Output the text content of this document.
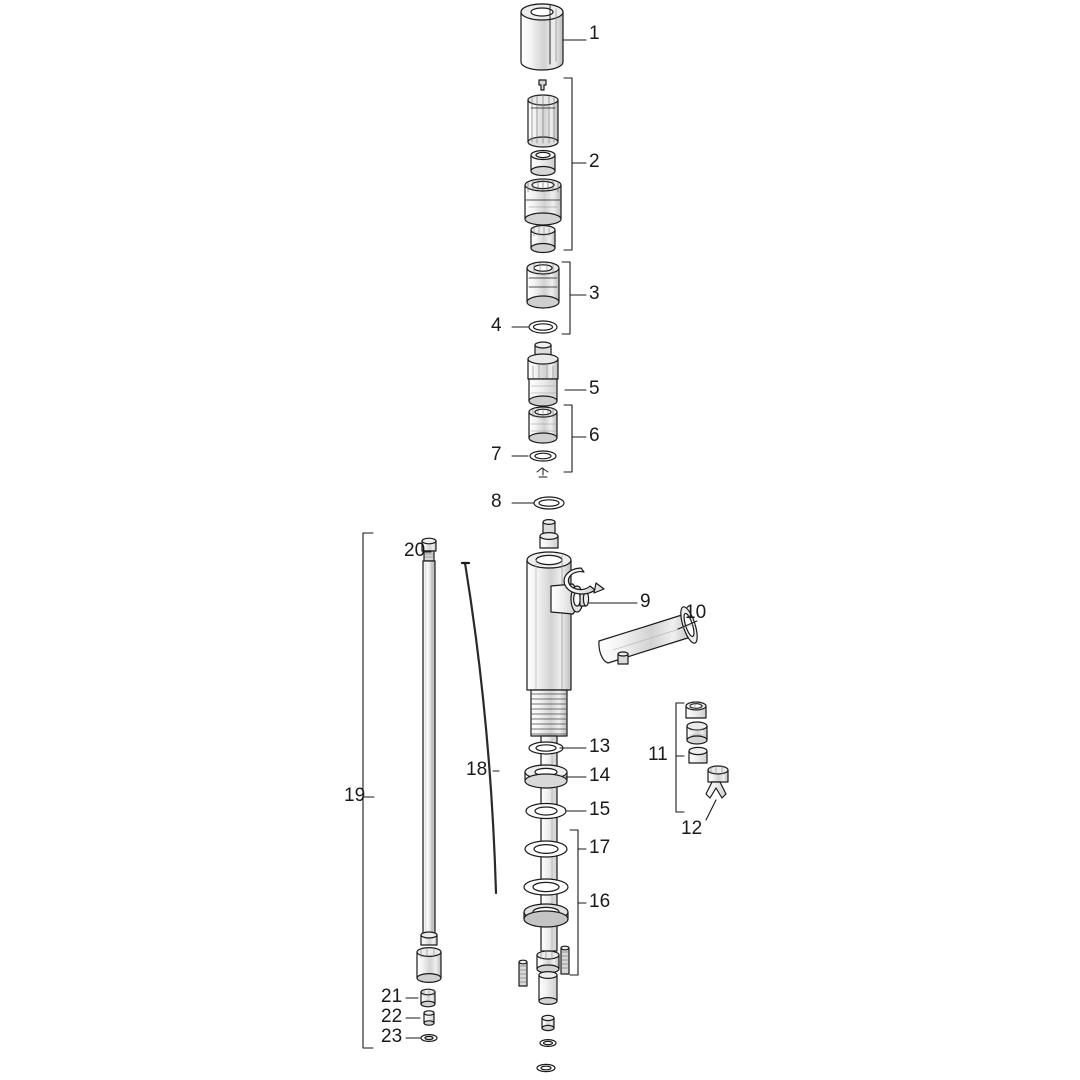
1
2
3
4
5
6
7
8
9
10
11
12
13
14
15
16
17
18
19
20
21
22
23
